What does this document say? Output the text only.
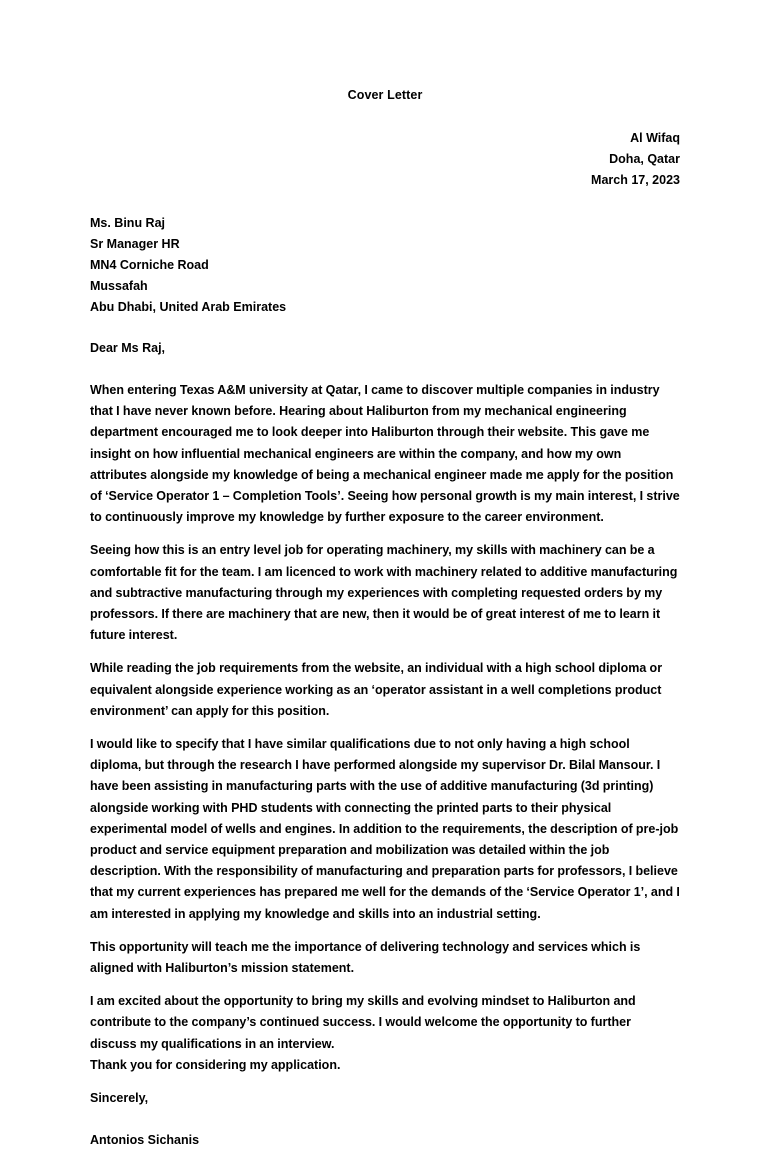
Cover Letter
Al Wifaq
Doha, Qatar
March 17, 2023
Ms. Binu Raj
Sr Manager HR
MN4 Corniche Road
Mussafah
Abu Dhabi, United Arab Emirates
Dear Ms Raj,

When entering Texas A&M university at Qatar, I came to discover multiple companies in industry that I have never known before. Hearing about Haliburton from my mechanical engineering department encouraged me to look deeper into Haliburton through their website. This gave me insight on how influential mechanical engineers are within the company, and how my own attributes alongside my knowledge of being a mechanical engineer made me apply for the position of ‘Service Operator 1 – Completion Tools’. Seeing how personal growth is my main interest, I strive to continuously improve my knowledge by further exposure to the career environment.

Seeing how this is an entry level job for operating machinery, my skills with machinery can be a comfortable fit for the team. I am licenced to work with machinery related to additive manufacturing and subtractive manufacturing through my experiences with completing requested orders by my professors. If there are machinery that are new, then it would be of great interest of me to learn it future interest.

While reading the job requirements from the website, an individual with a high school diploma or equivalent alongside experience working as an ‘operator assistant in a well completions product environment’ can apply for this position.

I would like to specify that I have similar qualifications due to not only having a high school diploma, but through the research I have performed alongside my supervisor Dr. Bilal Mansour. I have been assisting in manufacturing parts with the use of additive manufacturing (3d printing) alongside working with PHD students with connecting the printed parts to their physical experimental model of wells and engines. In addition to the requirements, the description of pre-job product and service equipment preparation and mobilization was detailed within the job description. With the responsibility of manufacturing and preparation parts for professors, I believe that my current experiences has prepared me well for the demands of the ‘Service Operator 1’, and I am interested in applying my knowledge and skills into an industrial setting.

This opportunity will teach me the importance of delivering technology and services which is aligned with Haliburton’s mission statement.

I am excited about the opportunity to bring my skills and evolving mindset to Haliburton and contribute to the company’s continued success. I would welcome the opportunity to further discuss my qualifications in an interview.

Thank you for considering my application.

Sincerely,
Antonios Sichanis
